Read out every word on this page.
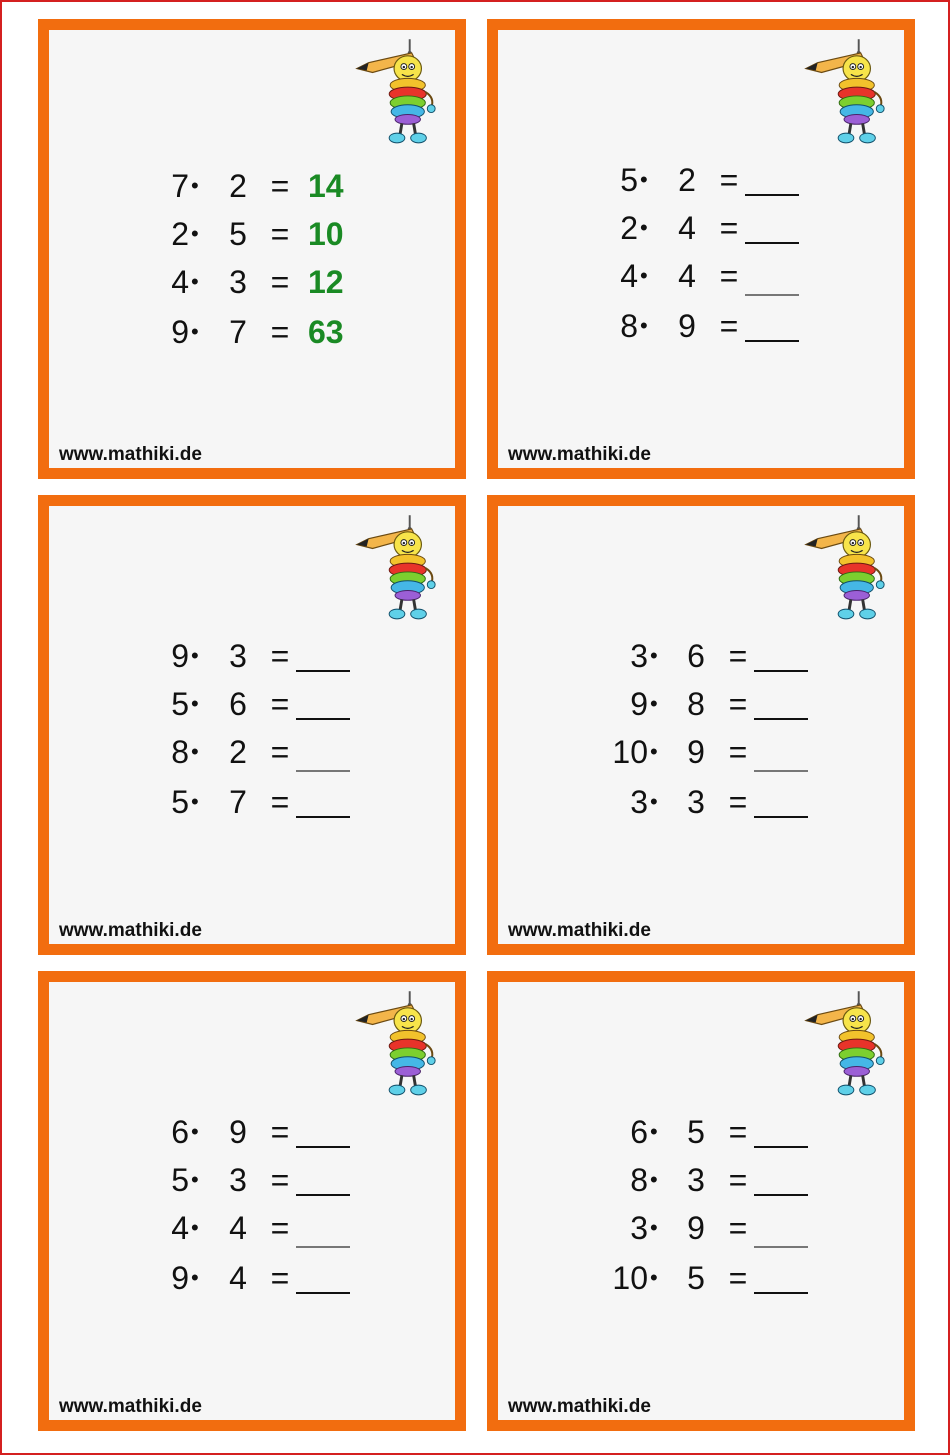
7 • 2 = 14
2 • 5 = 10
4 • 3 = 12
9 • 7 = 63
www.mathiki.de
5 • 2 =
2 • 4 =
4 • 4 =
8 • 9 =
www.mathiki.de
9 • 3 =
5 • 6 =
8 • 2 =
5 • 7 =
www.mathiki.de
3 • 6 =
9 • 8 =
10 • 9 =
3 • 3 =
www.mathiki.de
6 • 9 =
5 • 3 =
4 • 4 =
9 • 4 =
www.mathiki.de
6 • 5 =
8 • 3 =
3 • 9 =
10 • 5 =
www.mathiki.de
